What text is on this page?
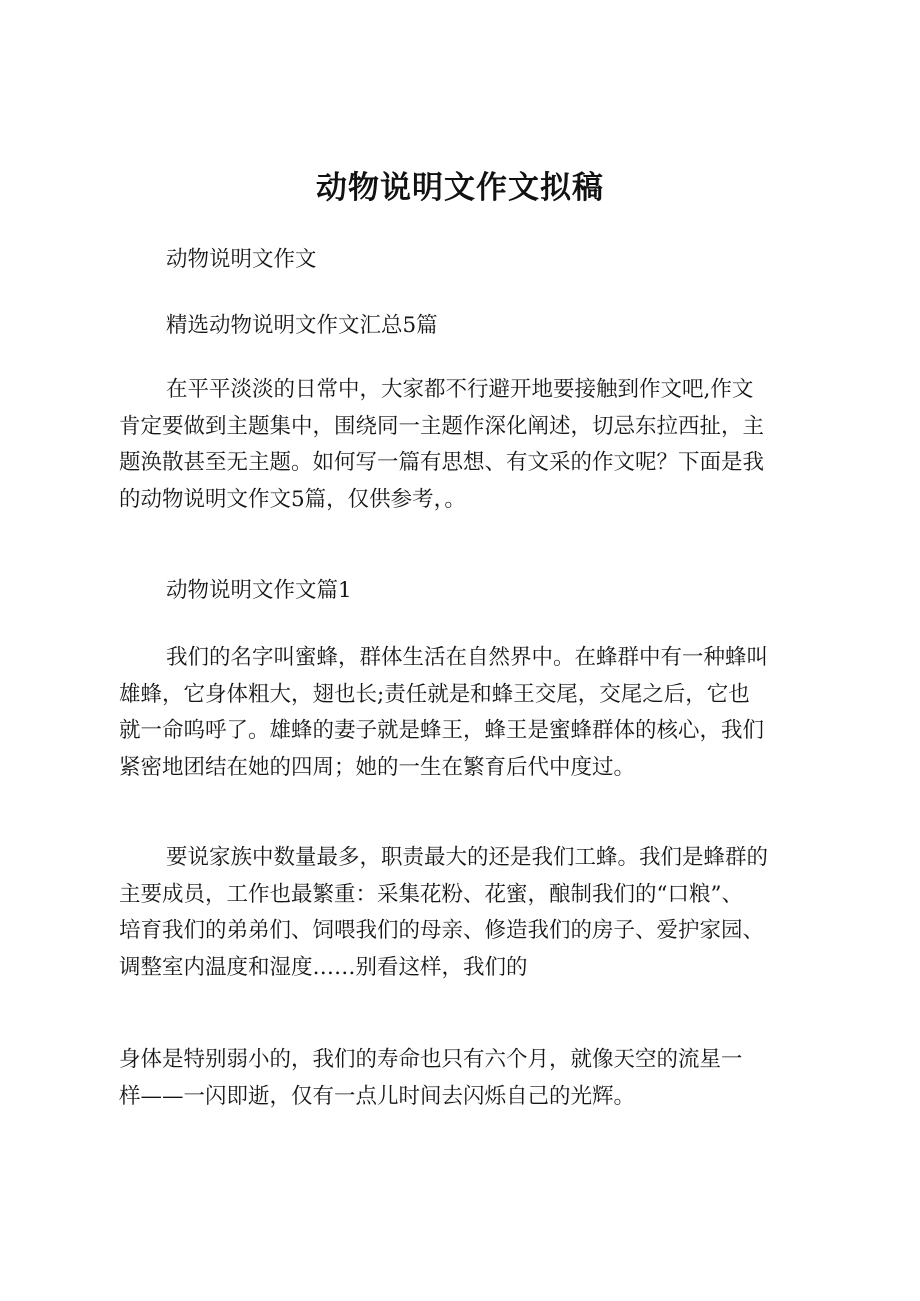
动物说明文作文拟稿

动物说明文作文

精选动物说明文作文汇总5篇

在平平淡淡的日常中，大家都不行避开地要接触到作文吧,作文
肯定要做到主题集中，围绕同一主题作深化阐述，切忌东拉西扯，主
题涣散甚至无主题。如何写一篇有思想、有文采的作文呢？下面是我
的动物说明文作文5篇，仅供参考，。

动物说明文作文篇1

我们的名字叫蜜蜂，群体生活在自然界中。在蜂群中有一种蜂叫
雄蜂，它身体粗大，翅也长;责任就是和蜂王交尾，交尾之后，它也
就一命呜呼了。雄蜂的妻子就是蜂王，蜂王是蜜蜂群体的核心，我们
紧密地团结在她的四周；她的一生在繁育后代中度过。
要说家族中数量最多，职责最大的还是我们工蜂。我们是蜂群的
主要成员，工作也最繁重：采集花粉、花蜜，酿制我们的“口粮”、
培育我们的弟弟们、饲喂我们的母亲、修造我们的房子、爱护家园、
调整室内温度和湿度……别看这样，我们的
身体是特别弱小的，我们的寿命也只有六个月，就像天空的流星一
样——一闪即逝，仅有一点儿时间去闪烁自己的光辉。
